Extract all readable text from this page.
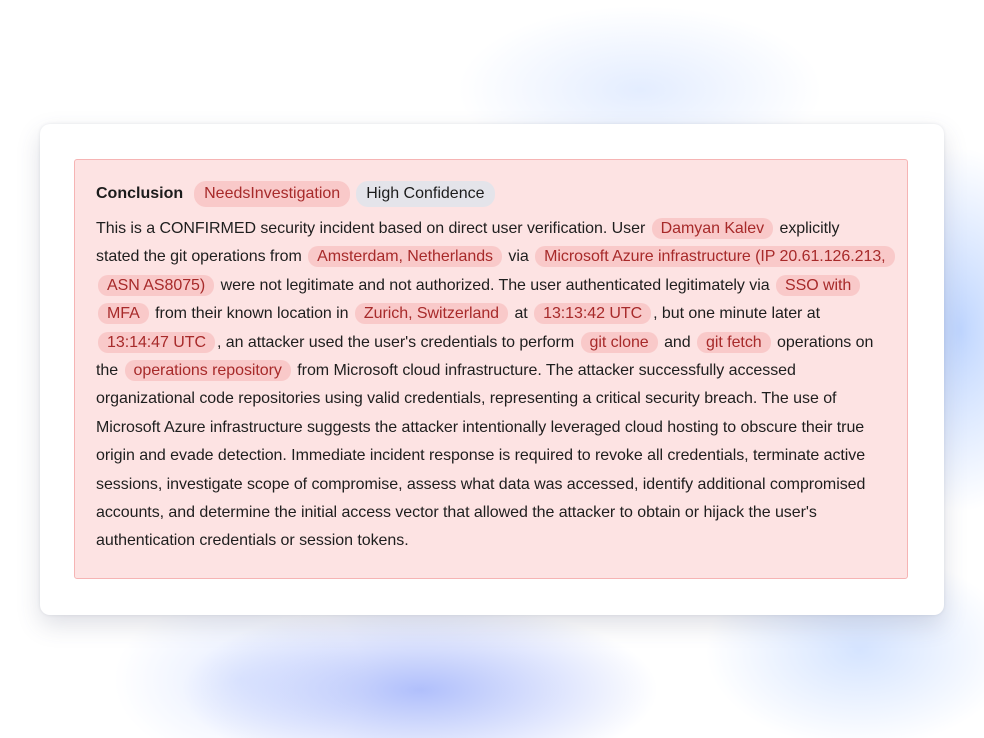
Conclusion	NeedsInvestigation	High Confidence

This is a CONFIRMED security incident based on direct user verification. User Damyan Kalev explicitly stated the git operations from Amsterdam, Netherlands via Microsoft Azure infrastructure (IP 20.61.126.213, ASN AS8075) were not legitimate and not authorized. The user authenticated legitimately via SSO with MFA from their known location in Zurich, Switzerland at 13:13:42 UTC , but one minute later at 13:14:47 UTC , an attacker used the user's credentials to perform git clone and git fetch operations on the operations repository from Microsoft cloud infrastructure. The attacker successfully accessed organizational code repositories using valid credentials, representing a critical security breach. The use of Microsoft Azure infrastructure suggests the attacker intentionally leveraged cloud hosting to obscure their true origin and evade detection. Immediate incident response is required to revoke all credentials, terminate active sessions, investigate scope of compromise, assess what data was accessed, identify additional compromised accounts, and determine the initial access vector that allowed the attacker to obtain or hijack the user's authentication credentials or session tokens.
